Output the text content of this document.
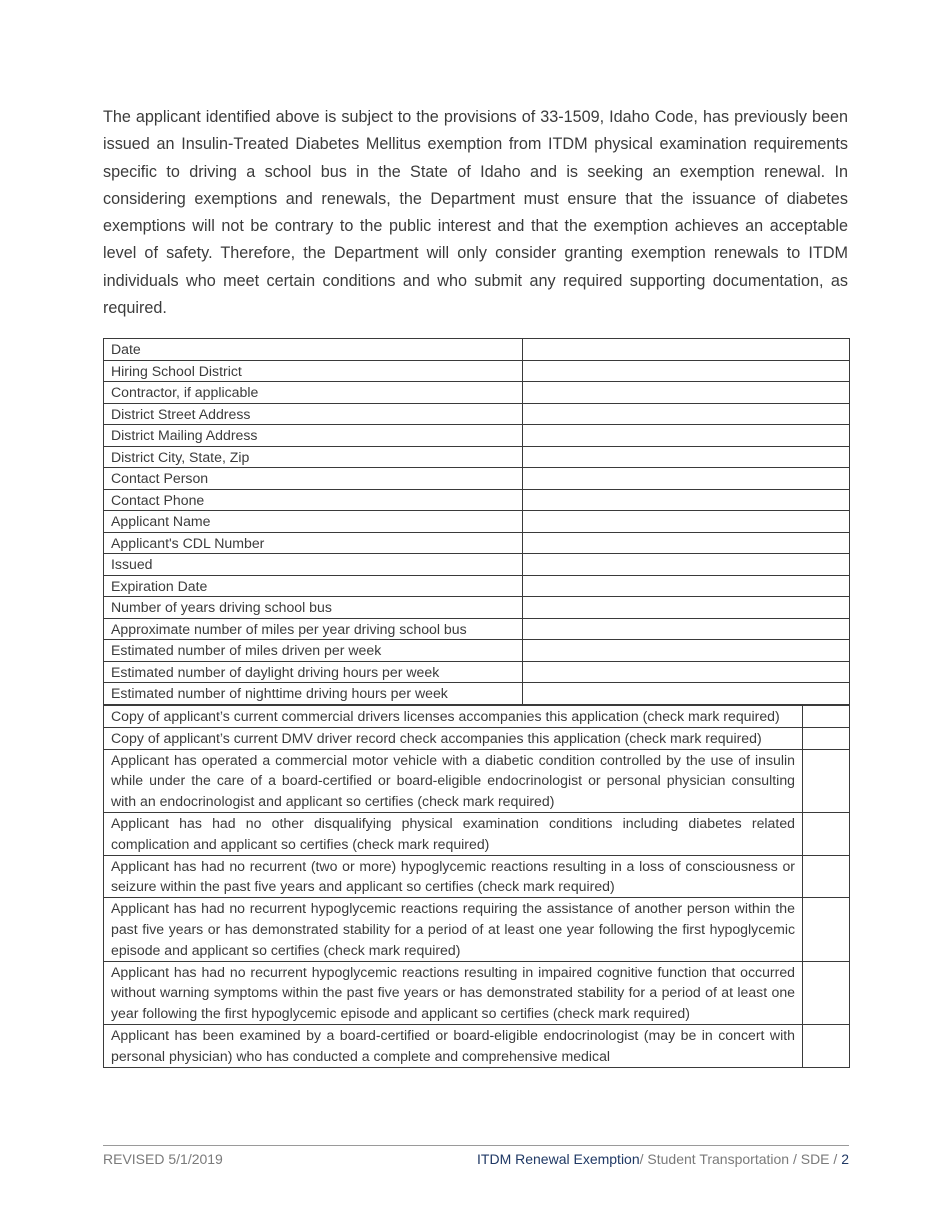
The applicant identified above is subject to the provisions of 33-1509, Idaho Code, has previously been issued an Insulin-Treated Diabetes Mellitus exemption from ITDM physical examination requirements specific to driving a school bus in the State of Idaho and is seeking an exemption renewal. In considering exemptions and renewals, the Department must ensure that the issuance of diabetes exemptions will not be contrary to the public interest and that the exemption achieves an acceptable level of safety. Therefore, the Department will only consider granting exemption renewals to ITDM individuals who meet certain conditions and who submit any required supporting documentation, as required.

Date	
Hiring School District	
Contractor, if applicable	
District Street Address	
District Mailing Address	
District City, State, Zip	
Contact Person	
Contact Phone	
Applicant Name	
Applicant's CDL Number	
Issued	
Expiration Date	
Number of years driving school bus	
Approximate number of miles per year driving school bus	
Estimated number of miles driven per week	
Estimated number of daylight driving hours per week	
Estimated number of nighttime driving hours per week	
Copy of applicant’s current commercial drivers licenses accompanies this application (check mark required)	
Copy of applicant’s current DMV driver record check accompanies this application (check mark required)	
Applicant has operated a commercial motor vehicle with a diabetic condition controlled by the use of insulin while under the care of a board-certified or board-eligible endocrinologist or personal physician consulting with an endocrinologist and applicant so certifies (check mark required)	
Applicant has had no other disqualifying physical examination conditions including diabetes related complication and applicant so certifies (check mark required)	
Applicant has had no recurrent (two or more) hypoglycemic reactions resulting in a loss of consciousness or seizure within the past five years and applicant so certifies (check mark required)	
Applicant has had no recurrent hypoglycemic reactions requiring the assistance of another person within the past five years or has demonstrated stability for a period of at least one year following the first hypoglycemic episode and applicant so certifies (check mark required)	
Applicant has had no recurrent hypoglycemic reactions resulting in impaired cognitive function that occurred without warning symptoms within the past five years or has demonstrated stability for a period of at least one year following the first hypoglycemic episode and applicant so certifies (check mark required)	
Applicant has been examined by a board-certified or board-eligible endocrinologist (may be in concert with personal physician) who has conducted a complete and comprehensive medical	
REVISED 5/1/2019	ITDM Renewal Exemption/ Student Transportation / SDE / 2
